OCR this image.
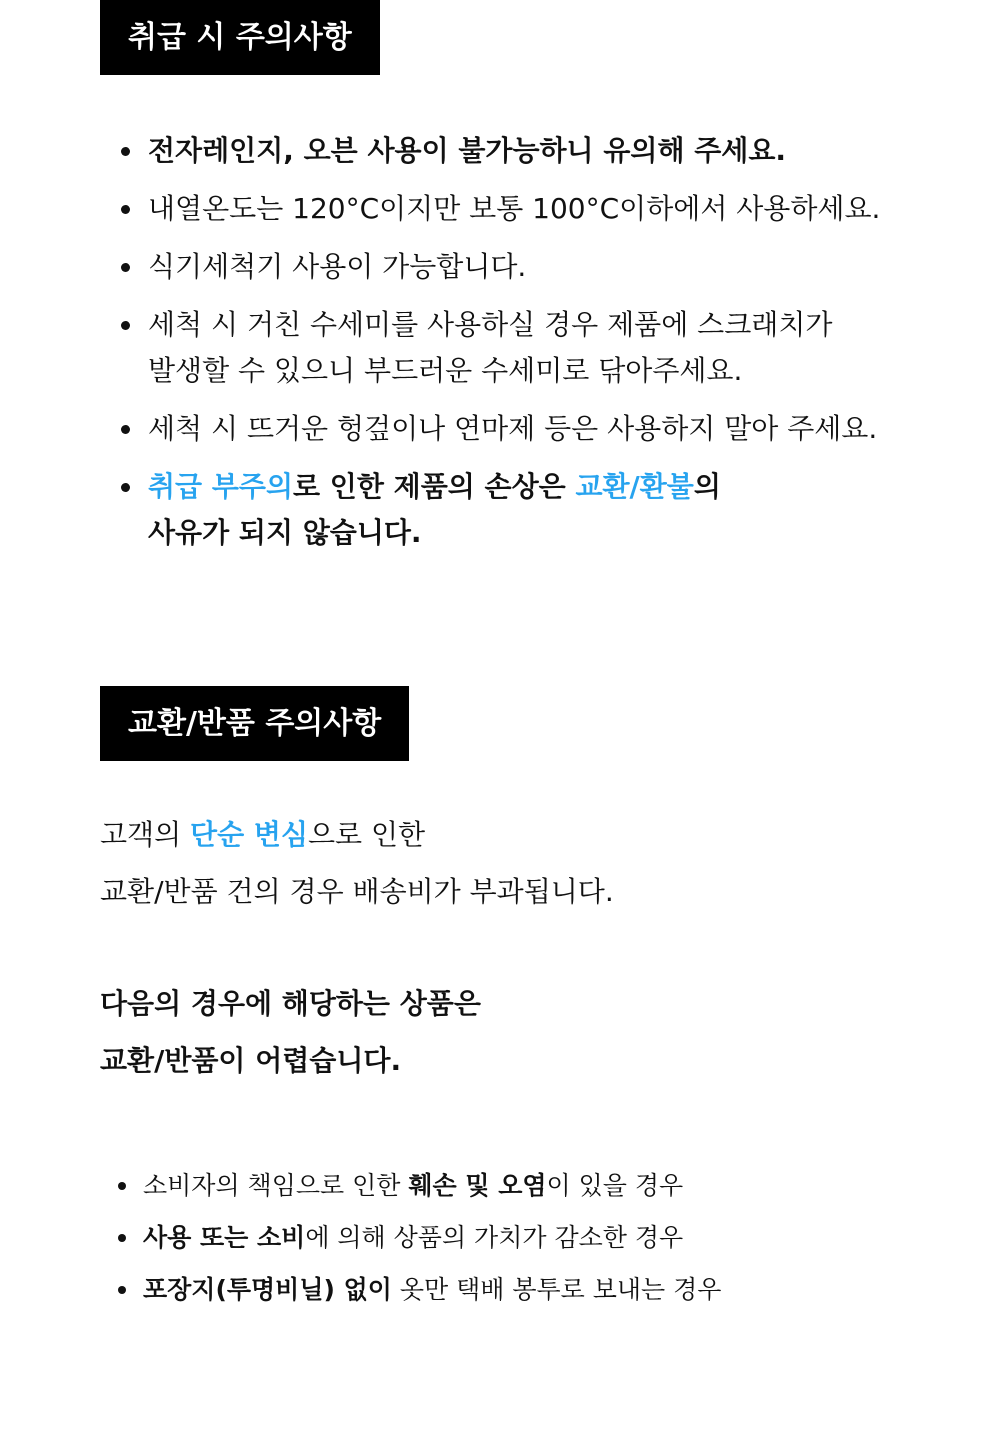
취급 시 주의사항
전자레인지, 오븐 사용이 불가능하니 유의해 주세요.
내열온도는 120°C이지만 보통 100°C이하에서 사용하세요.
식기세척기 사용이 가능합니다.
세척 시 거친 수세미를 사용하실 경우 제품에 스크래치가
발생할 수 있으니 부드러운 수세미로 닦아주세요.
세척 시 뜨거운 헝겊이나 연마제 등은 사용하지 말아 주세요.
취급 부주의로 인한 제품의 손상은 교환/환불의
사유가 되지 않습니다.
교환/반품 주의사항
고객의 단순 변심으로 인한
교환/반품 건의 경우 배송비가 부과됩니다.
다음의 경우에 해당하는 상품은
교환/반품이 어렵습니다.
소비자의 책임으로 인한 훼손 및 오염이 있을 경우
사용 또는 소비에 의해 상품의 가치가 감소한 경우
포장지(투명비닐) 없이 옷만 택배 봉투로 보내는 경우
